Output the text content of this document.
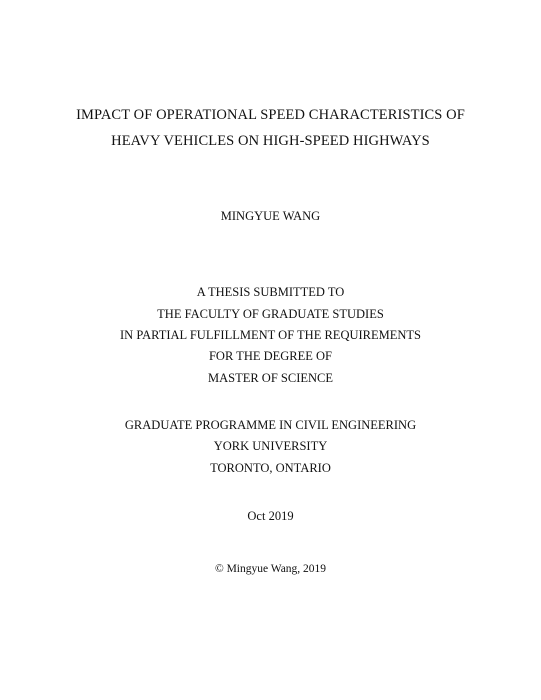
IMPACT OF OPERATIONAL SPEED CHARACTERISTICS OF
HEAVY VEHICLES ON HIGH-SPEED HIGHWAYS
MINGYUE WANG
A THESIS SUBMITTED TO
THE FACULTY OF GRADUATE STUDIES
IN PARTIAL FULFILLMENT OF THE REQUIREMENTS
FOR THE DEGREE OF
MASTER OF SCIENCE
GRADUATE PROGRAMME IN CIVIL ENGINEERING
YORK UNIVERSITY
TORONTO, ONTARIO
Oct 2019
© Mingyue Wang, 2019
